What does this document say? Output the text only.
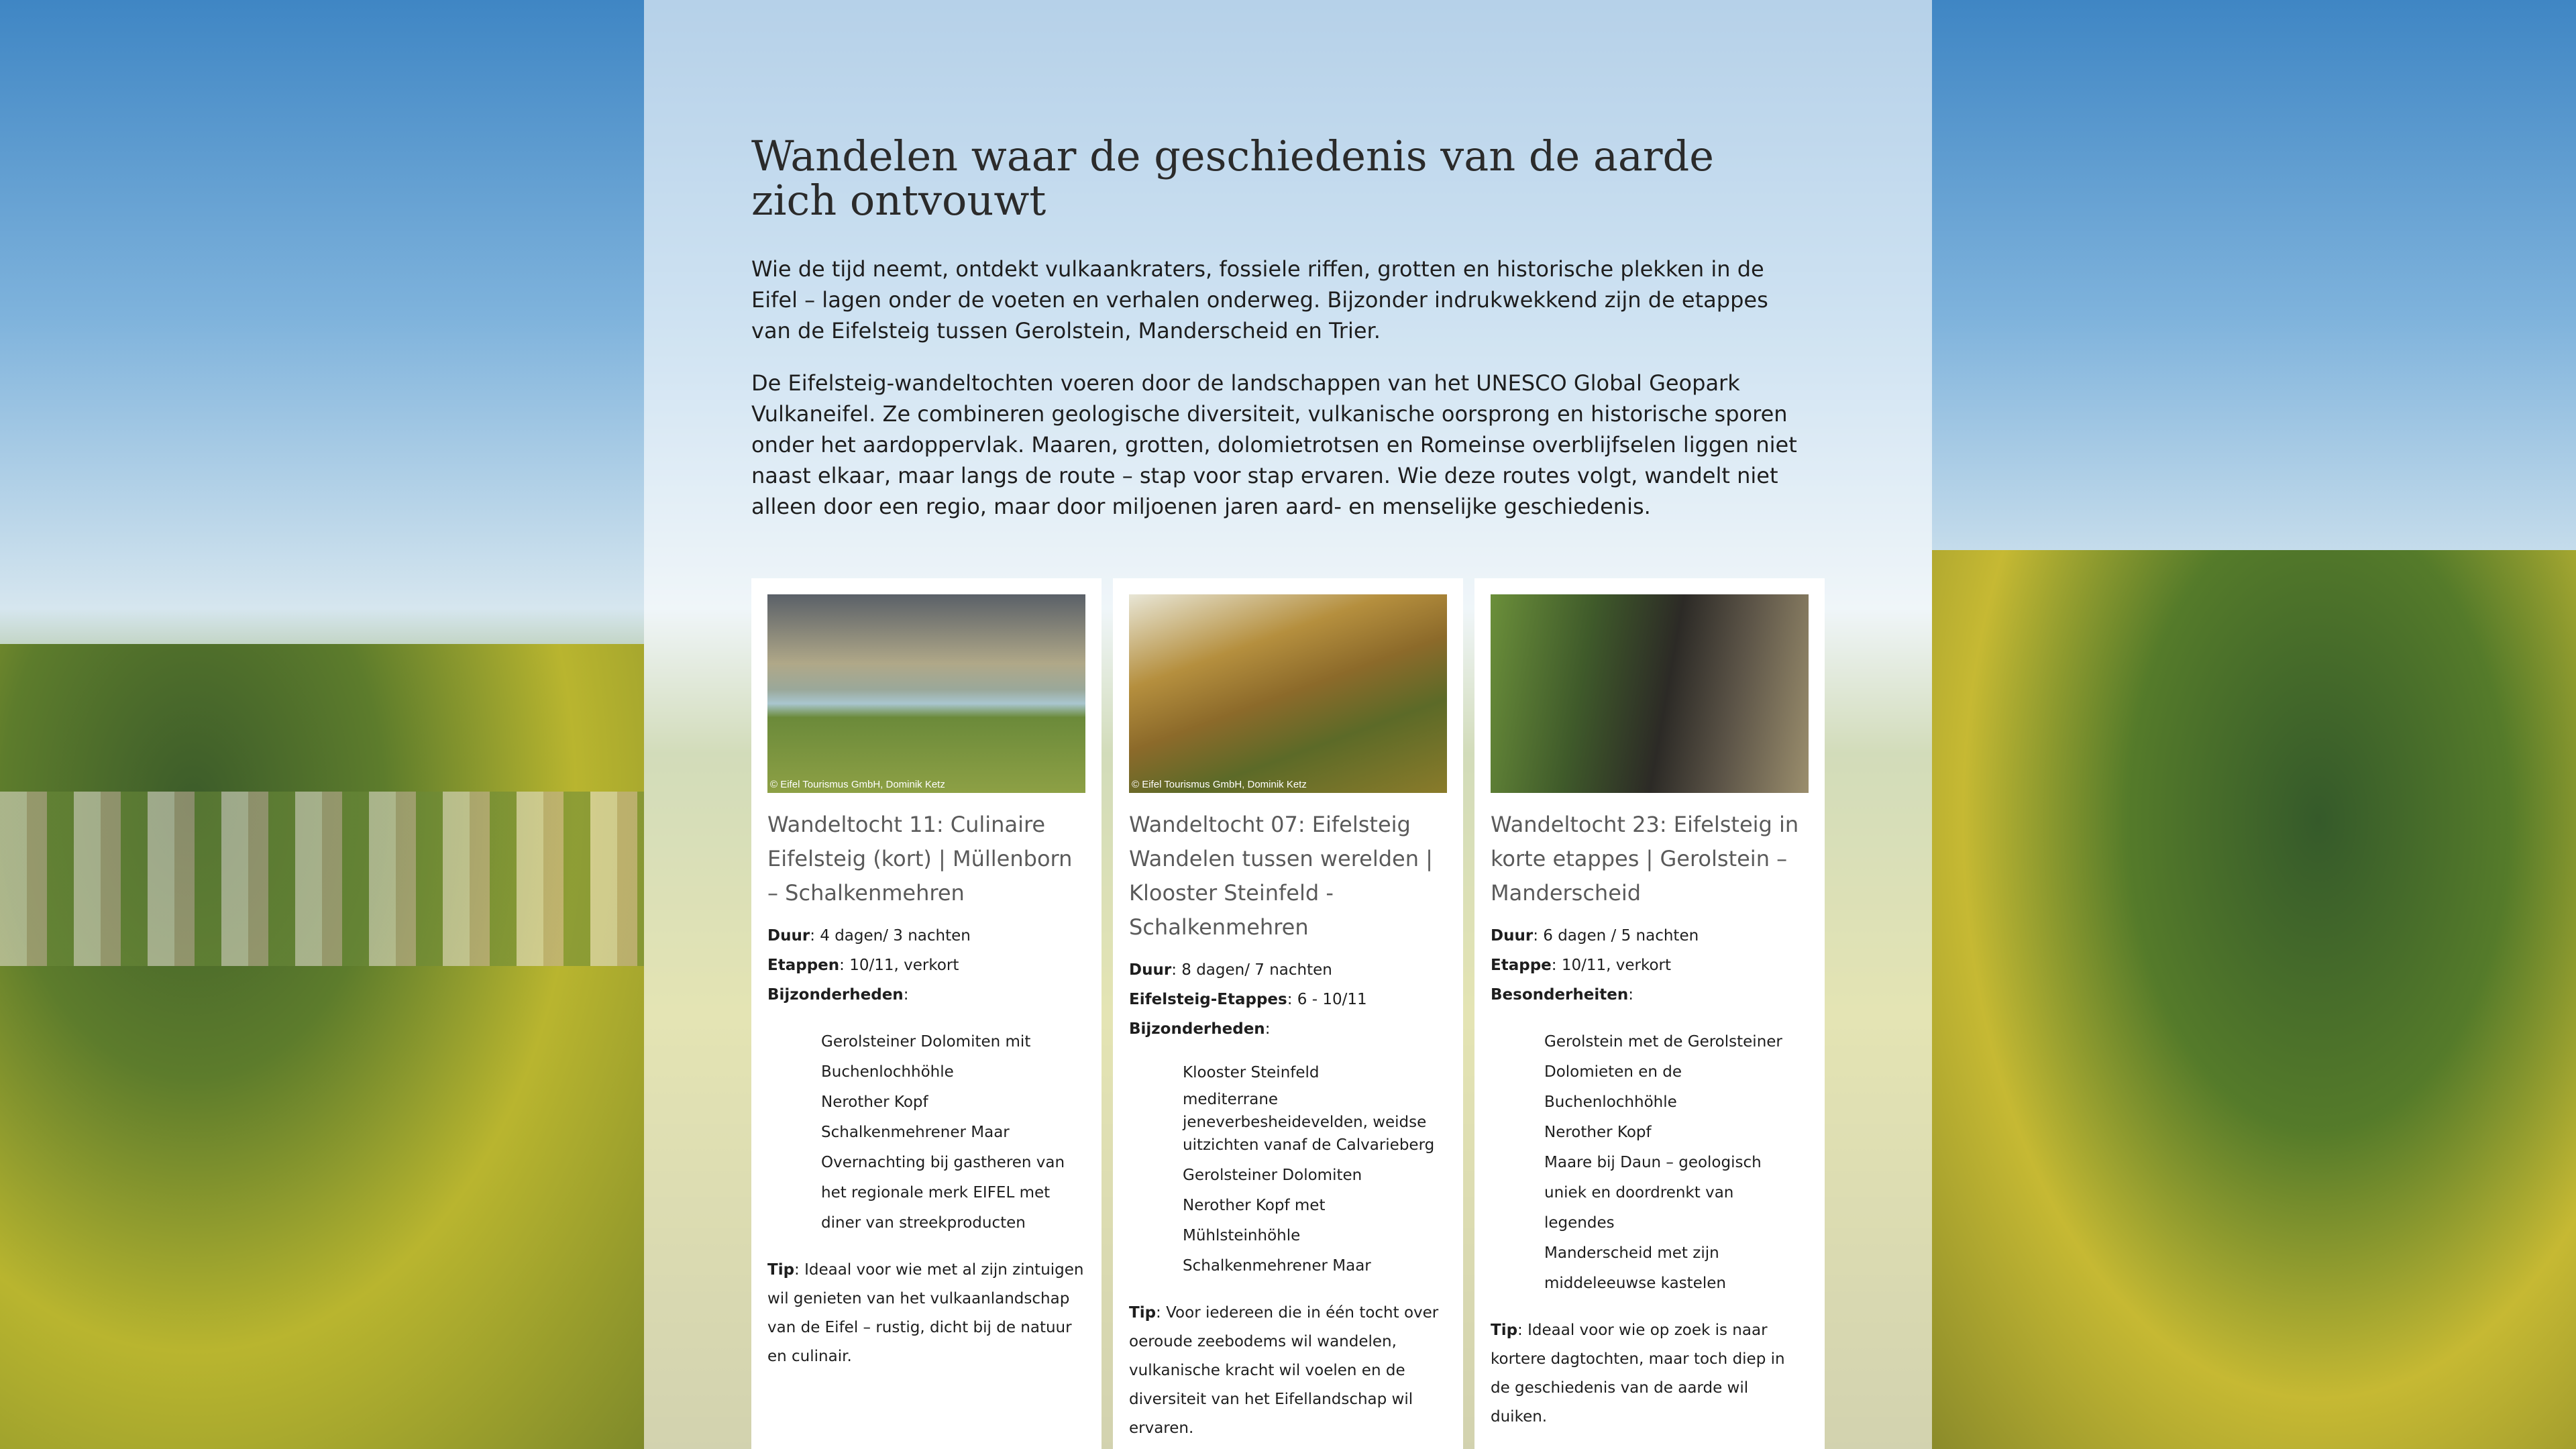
Wandelen waar de geschiedenis van de aarde zich ontvouwt

Wie de tijd neemt, ontdekt vulkaankraters, fossiele riffen, grotten en historische plekken in de Eifel – lagen onder de voeten en verhalen onderweg. Bijzonder indrukwekkend zijn de etappes van de Eifelsteig tussen Gerolstein, Manderscheid en Trier.

De Eifelsteig-wandeltochten voeren door de landschappen van het UNESCO Global Geopark Vulkaneifel. Ze combineren geologische diversiteit, vulkanische oorsprong en historische sporen onder het aardoppervlak. Maaren, grotten, dolomietrotsen en Romeinse overblijfselen liggen niet naast elkaar, maar langs de route – stap voor stap ervaren. Wie deze routes volgt, wandelt niet alleen door een regio, maar door miljoenen jaren aard- en menselijke geschiedenis.

© Eifel Tourismus GmbH, Dominik Ketz
Wandeltocht 11: Culinaire Eifelsteig (kort) | Müllenborn – Schalkenmehren
Duur: 4 dagen/ 3 nachten
Etappen: 10/11, verkort
Bijzonderheden:
Gerolsteiner Dolomiten mit Buchenlochhöhle
Nerother Kopf
Schalkenmehrener Maar
Overnachting bij gastheren van het regionale merk EIFEL met diner van streekproducten
Tip: Ideaal voor wie met al zijn zintuigen wil genieten van het vulkaanlandschap van de Eifel – rustig, dicht bij de natuur en culinair.
© Eifel Tourismus GmbH, Dominik Ketz
Wandeltocht 07: Eifelsteig Wandelen tussen werelden | Klooster Steinfeld - Schalkenmehren
Duur: 8 dagen/ 7 nachten
Eifelsteig-Etappes: 6 - 10/11
Bijzonderheden:
Klooster Steinfeld
mediterrane jeneverbesheidevelden, weidse uitzichten vanaf de Calvarieberg
Gerolsteiner Dolomiten
Nerother Kopf met Mühlsteinhöhle
Schalkenmehrener Maar
Tip: Voor iedereen die in één tocht over oeroude zeebodems wil wandelen, vulkanische kracht wil voelen en de diversiteit van het Eifellandschap wil ervaren.
Wandeltocht 23: Eifelsteig in korte etappes | Gerolstein – Manderscheid
Duur: 6 dagen / 5 nachten
Etappe: 10/11, verkort
Besonderheiten:
Gerolstein met de Gerolsteiner Dolomieten en de Buchenlochhöhle
Nerother Kopf
Maare bij Daun – geologisch uniek en doordrenkt van legendes
Manderscheid met zijn middeleeuwse kastelen
Tip: Ideaal voor wie op zoek is naar kortere dagtochten, maar toch diep in de geschiedenis van de aarde wil duiken.
